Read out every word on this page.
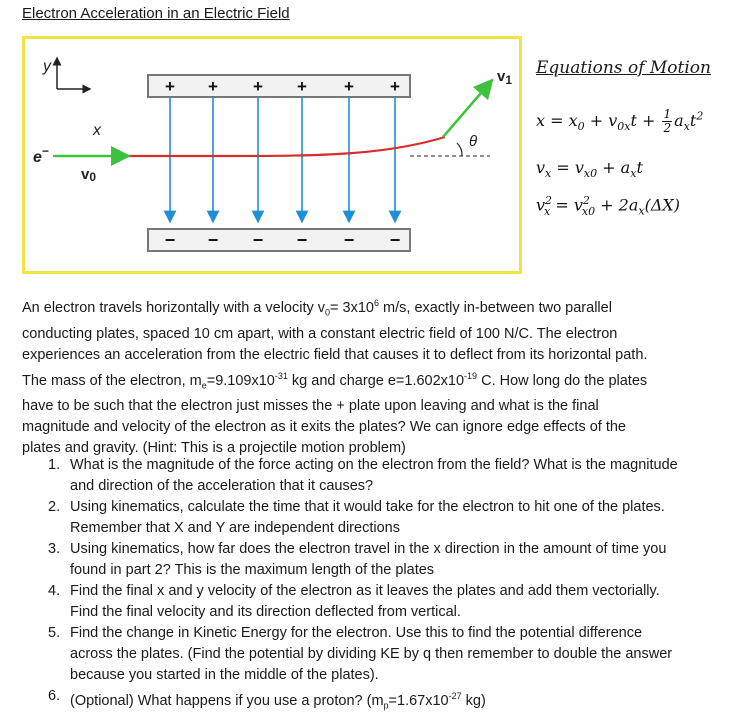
Electron Acceleration in an Electric Field
y
x
+ + + + + +
− − − − − −
θ
e−
v0
$v_1$
Equations of Motion
$x = x_0 + v_{0x}t + \frac{1}{2} a_xt^2$
$v_x = v_{x0} + a_xt$
$v^2_x = v^2_{x0} + 2a_x(\Delta X)$
An electron travels horizontally with a velocity $v_0= 3x10^6$ m/s, exactly in-between two parallel conducting plates, spaced 10 cm apart, with a constant electric field of 100 N/C. The electron experiences an acceleration from the electric field that causes it to deflect from its horizontal path. The mass of the electron, $m_e=9.109x10^{-31}$ kg and charge $e=1.602x10^{-19}$ C. How long do the plates have to be such that the electron just misses the + plate upon leaving and what is the final magnitude and velocity of the electron as it exits the plates? We can ignore edge effects of the plates and gravity. (Hint: This is a projectile motion problem)
1. What is the magnitude of the force acting on the electron from the field? What is the magnitude and direction of the acceleration that it causes?
2. Using kinematics, calculate the time that it would take for the electron to hit one of the plates. Remember that X and Y are independent directions
3. Using kinematics, how far does the electron travel in the x direction in the amount of time you found in part 2? This is the maximum length of the plates
4. Find the final x and y velocity of the electron as it leaves the plates and add them vectorially. Find the final velocity and its direction deflected from vertical.
5. Find the change in Kinetic Energy for the electron. Use this to find the potential difference across the plates. (Find the potential by dividing KE by q then remember to double the answer because you started in the middle of the plates).
6. (Optional) What happens if you use a proton? ($m_p=1.67x10^{-27}$ kg)
